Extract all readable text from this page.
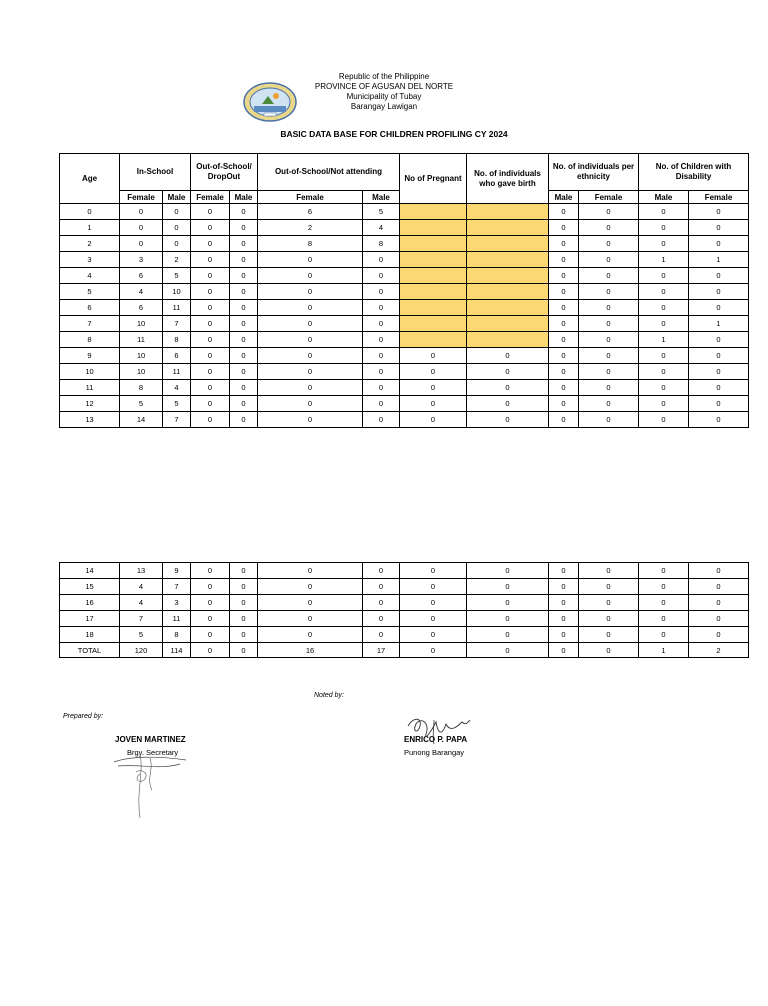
Republic of the Philippine
PROVINCE OF AGUSAN DEL NORTE
Municipality of Tubay
Barangay Lawigan
BASIC DATA BASE FOR CHILDREN PROFILING CY 2024
Age	In-School		Out-of-School/ DropOut		Out-of-School/Not attending		No of Pregnant	No. of individuals who gave birth	No. of individuals per ethnicity		No. of Children with Disability	
	Female	Male	Female	Male	Female	Male			Male	Female	Male	Female
0	0	0	0	0	6	5			0	0	0	0
1	0	0	0	0	2	4			0	0	0	0
2	0	0	0	0	8	8			0	0	0	0
3	3	2	0	0	0	0			0	0	1	1
4	6	5	0	0	0	0			0	0	0	0
5	4	10	0	0	0	0			0	0	0	0
6	6	11	0	0	0	0			0	0	0	0
7	10	7	0	0	0	0			0	0	0	1
8	11	8	0	0	0	0			0	0	1	0
9	10	6	0	0	0	0	0	0	0	0	0	0
10	10	11	0	0	0	0	0	0	0	0	0	0
11	8	4	0	0	0	0	0	0	0	0	0	0
12	5	5	0	0	0	0	0	0	0	0	0	0
13	14	7	0	0	0	0	0	0	0	0	0	0
14	13	9	0	0	0	0	0	0	0	0	0	0
15	4	7	0	0	0	0	0	0	0	0	0	0
16	4	3	0	0	0	0	0	0	0	0	0	0
17	7	11	0	0	0	0	0	0	0	0	0	0
18	5	8	0	0	0	0	0	0	0	0	0	0
TOTAL	120	114	0	0	16	17	0	0	0	0	1	2
Noted by:
Prepared by:
JOVEN MARTINEZ
Brgy. Secretary
ENRICO P. PAPA
Punong Barangay
